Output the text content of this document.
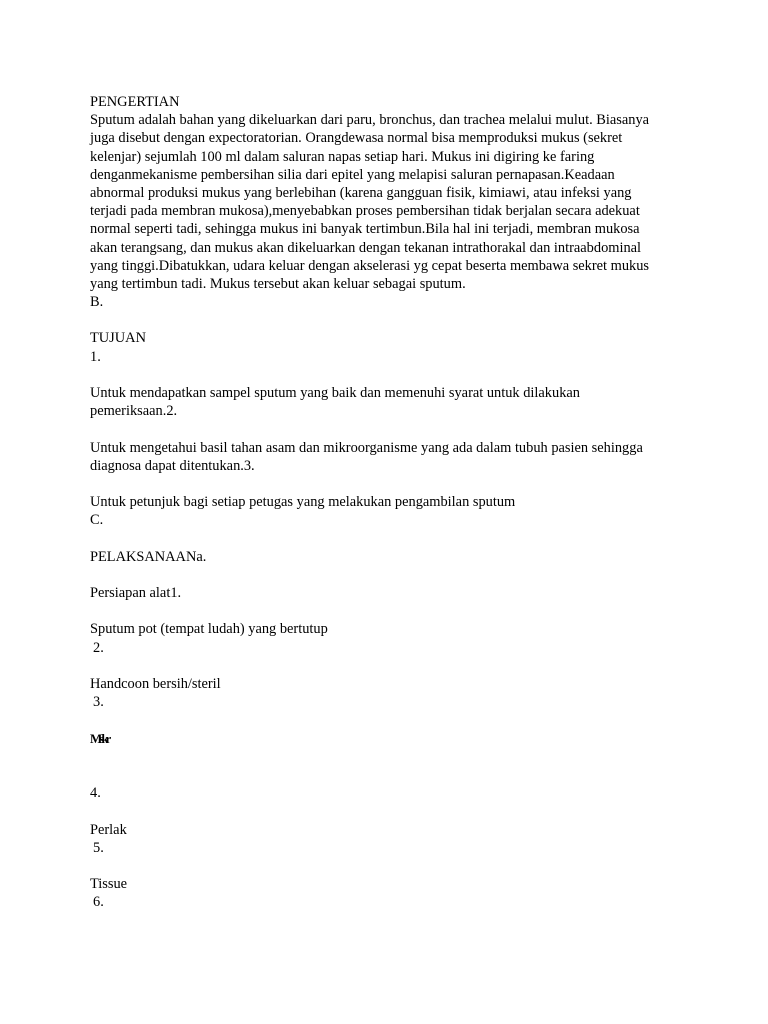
PENGERTIAN
Sputum adalah bahan yang dikeluarkan dari paru, bronchus, dan trachea melalui mulut. Biasanya
juga disebut dengan expectoratorian. Orangdewasa normal bisa memproduksi mukus (sekret
kelenjar) sejumlah 100 ml dalam saluran napas setiap hari. Mukus ini digiring ke faring
denganmekanisme pembersihan silia dari epitel yang melapisi saluran pernapasan.Keadaan
abnormal produksi mukus yang berlebihan (karena gangguan fisik, kimiawi, atau infeksi yang
terjadi pada membran mukosa),menyebabkan proses pembersihan tidak berjalan secara adekuat
normal seperti tadi, sehingga mukus ini banyak tertimbun.Bila hal ini terjadi, membran mukosa
akan terangsang, dan mukus akan dikeluarkan dengan tekanan intrathorakal dan intraabdominal
yang tinggi.Dibatukkan, udara keluar dengan akselerasi yg cepat beserta membawa sekret mukus
yang tertimbun tadi. Mukus tersebut akan keluar sebagai sputum.
B.
TUJUAN
1.
Untuk mendapatkan sampel sputum yang baik dan memenuhi syarat untuk dilakukan
pemeriksaan.2.
Untuk mengetahui basil tahan asam dan mikroorganisme yang ada dalam tubuh pasien sehingga
diagnosa dapat ditentukan.3.
Untuk petunjuk bagi setiap petugas yang melakukan pengambilan sputum
C.
PELAKSANAANa.
Persiapan alat1.
Sputum pot (tempat ludah) yang bertutup
2.
Handcoon bersih/steril
3.
Mskr
4.
Perlak
5.
Tissue
6.
